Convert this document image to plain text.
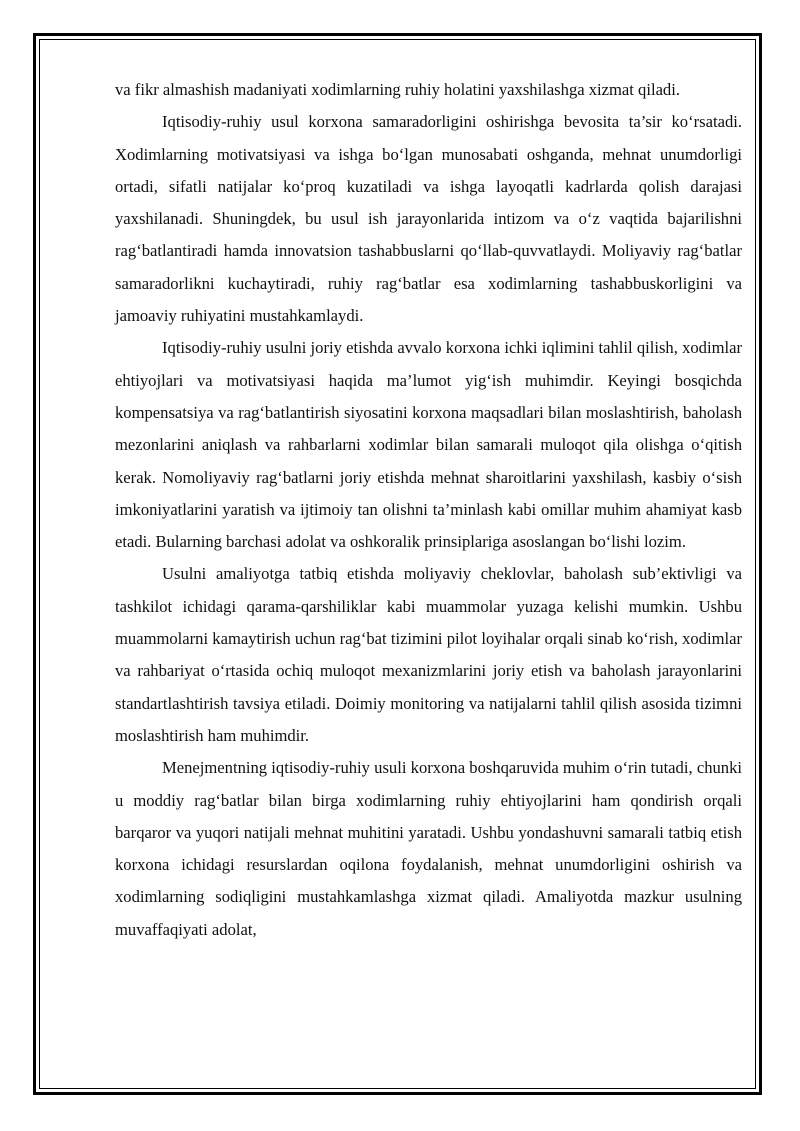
va fikr almashish madaniyati xodimlarning ruhiy holatini yaxshilashga xizmat qiladi.

Iqtisodiy-ruhiy usul korxona samaradorligini oshirishga bevosita ta’sir ko‘rsatadi. Xodimlarning motivatsiyasi va ishga bo‘lgan munosabati oshganda, mehnat unumdorligi ortadi, sifatli natijalar ko‘proq kuzatiladi va ishga layoqatli kadrlarda qolish darajasi yaxshilanadi. Shuningdek, bu usul ish jarayonlarida intizom va o‘z vaqtida bajarilishni rag‘batlantiradi hamda innovatsion tashabbuslarni qo‘llab-quvvatlaydi. Moliyaviy rag‘batlar samaradorlikni kuchaytiradi, ruhiy rag‘batlar esa xodimlarning tashabbuskorligini va jamoaviy ruhiyatini mustahkamlaydi.

Iqtisodiy-ruhiy usulni joriy etishda avvalo korxona ichki iqlimini tahlil qilish, xodimlar ehtiyojlari va motivatsiyasi haqida ma’lumot yig‘ish muhimdir. Keyingi bosqichda kompensatsiya va rag‘batlantirish siyosatini korxona maqsadlari bilan moslashtirish, baholash mezonlarini aniqlash va rahbarlarni xodimlar bilan samarali muloqot qila olishga o‘qitish kerak. Nomoliyaviy rag‘batlarni joriy etishda mehnat sharoitlarini yaxshilash, kasbiy o‘sish imkoniyatlarini yaratish va ijtimoiy tan olishni ta’minlash kabi omillar muhim ahamiyat kasb etadi. Bularning barchasi adolat va oshkoralik prinsiplariga asoslangan bo‘lishi lozim.

Usulni amaliyotga tatbiq etishda moliyaviy cheklovlar, baholash sub’ektivligi va tashkilot ichidagi qarama-qarshiliklar kabi muammolar yuzaga kelishi mumkin. Ushbu muammolarni kamaytirish uchun rag‘bat tizimini pilot loyihalar orqali sinab ko‘rish, xodimlar va rahbariyat o‘rtasida ochiq muloqot mexanizmlarini joriy etish va baholash jarayonlarini standartlashtirish tavsiya etiladi. Doimiy monitoring va natijalarni tahlil qilish asosida tizimni moslashtirish ham muhimdir.

Menejmentning iqtisodiy-ruhiy usuli korxona boshqaruvida muhim o‘rin tutadi, chunki u moddiy rag‘batlar bilan birga xodimlarning ruhiy ehtiyojlarini ham qondirish orqali barqaror va yuqori natijali mehnat muhitini yaratadi. Ushbu yondashuvni samarali tatbiq etish korxona ichidagi resurslardan oqilona foydalanish, mehnat unumdorligini oshirish va xodimlarning sodiqligini mustahkamlashga xizmat qiladi. Amaliyotda mazkur usulning muvaffaqiyati adolat,
